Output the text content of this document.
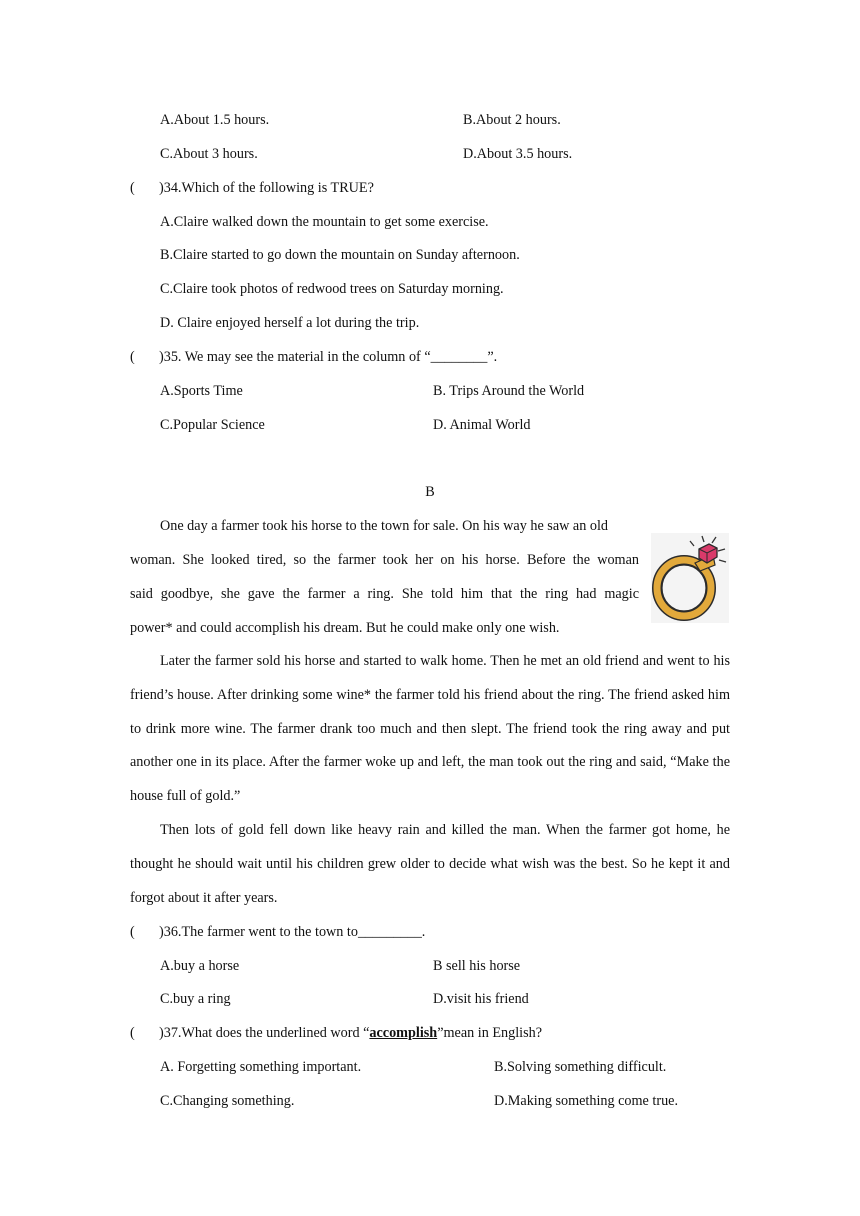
A.About 1.5 hours.	B.About 2 hours.
C.About 3 hours.	D.About 3.5 hours.
( )34.Which of the following is TRUE?
A.Claire walked down the mountain to get some exercise.
B.Claire started to go down the mountain on Sunday afternoon.
C.Claire took photos of redwood trees on Saturday morning.
D. Claire enjoyed herself a lot during the trip.
( )35. We may see the material in the column of “________”.
A.Sports Time	B. Trips Around the World
C.Popular Science	D. Animal World
B
One day a farmer took his horse to the town for sale. On his way he saw an old
woman. She looked tired, so the farmer took her on his horse. Before the woman
said goodbye, she gave the farmer a ring. She told him that the ring had magic
power* and could accomplish his dream. But he could make only one wish.
Later the farmer sold his horse and started to walk home. Then he met an old friend and went to his friend’s house. After drinking some wine* the farmer told his friend about the ring. The friend asked him to drink more wine. The farmer drank too much and then slept. The friend took the ring away and put another one in its place. After the farmer woke up and left, the man took out the ring and said, “Make the house full of gold.”
Then lots of gold fell down like heavy rain and killed the man. When the farmer got home, he thought he should wait until his children grew older to decide what wish was the best. So he kept it and forgot about it after years.
( )36.The farmer went to the town to_________.
A.buy a horse	B sell his horse
C.buy a ring	D.visit his friend
( )37.What does the underlined word “accomplish”mean in English?
A. Forgetting something important.	B.Solving something difficult.
C.Changing something.	D.Making something come true.
